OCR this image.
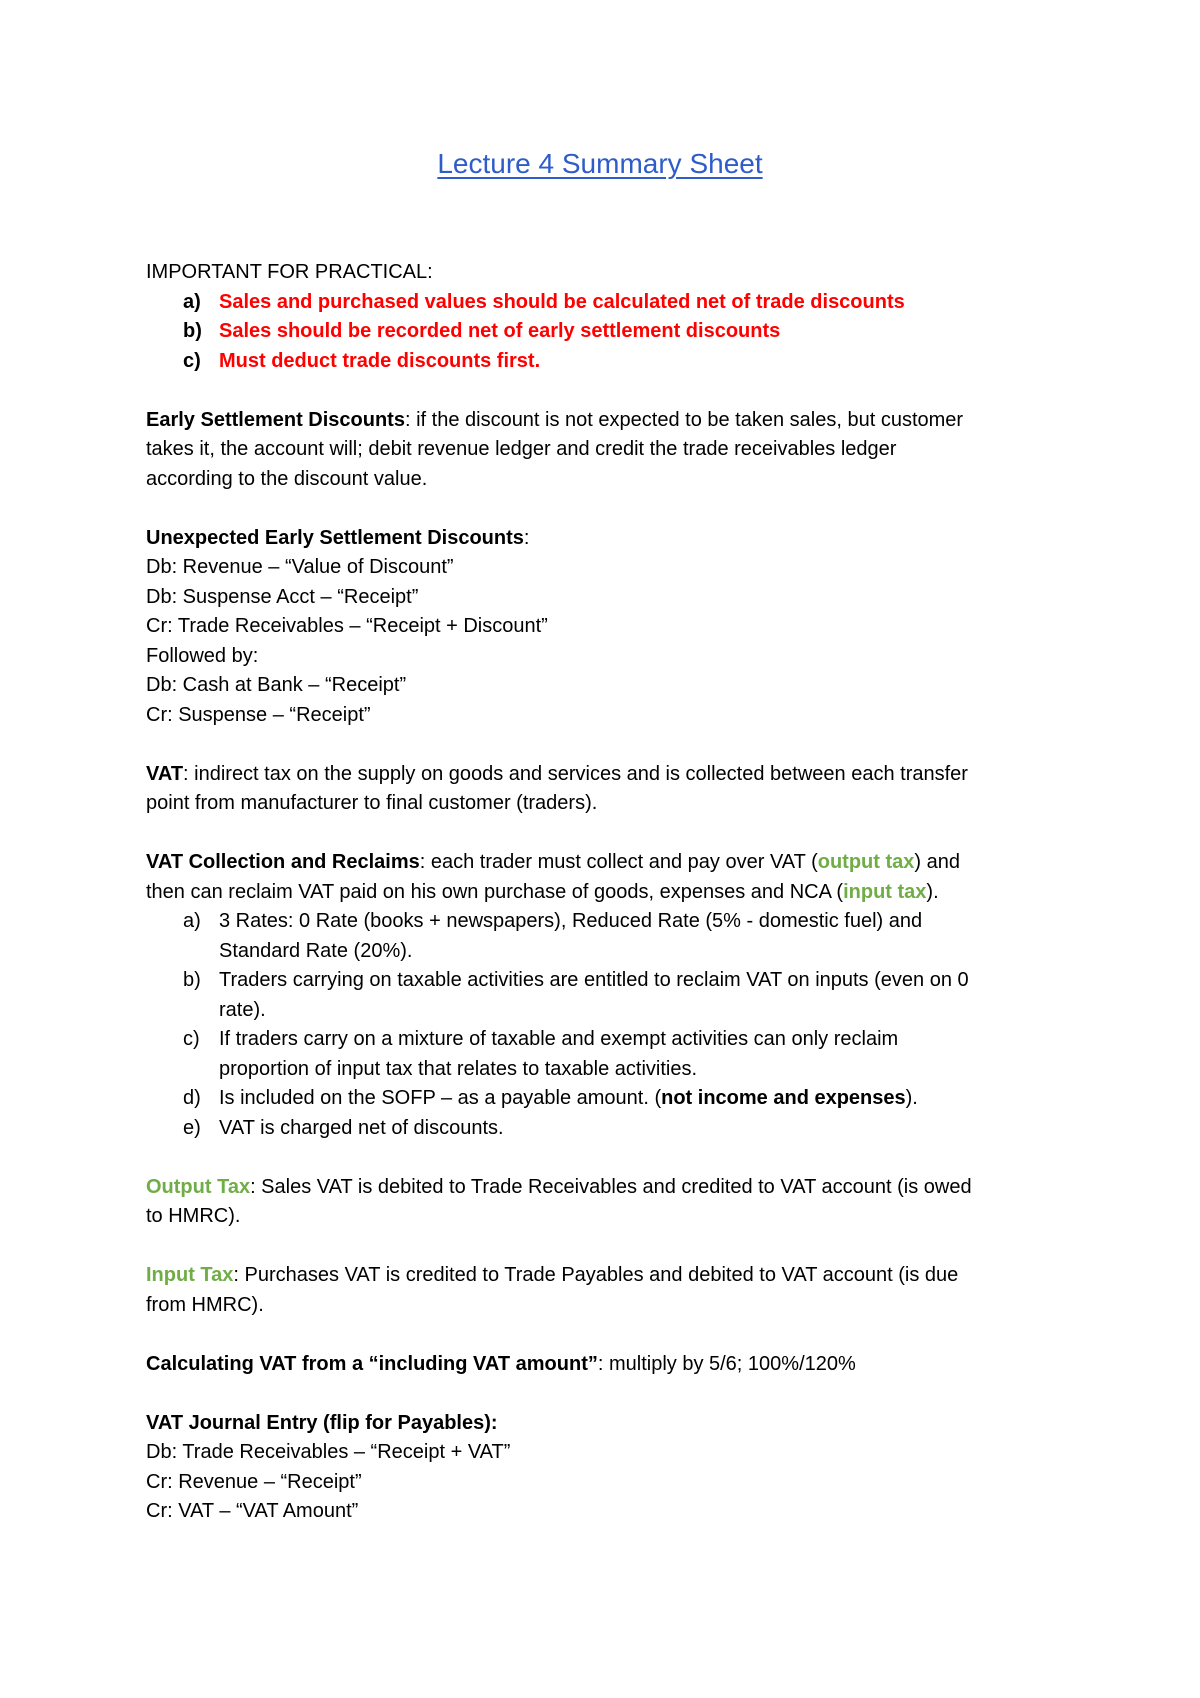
Lecture 4 Summary Sheet
IMPORTANT FOR PRACTICAL:
a) Sales and purchased values should be calculated net of trade discounts
b) Sales should be recorded net of early settlement discounts
c) Must deduct trade discounts first.
Early Settlement Discounts: if the discount is not expected to be taken sales, but customer
takes it, the account will; debit revenue ledger and credit the trade receivables ledger
according to the discount value.
Unexpected Early Settlement Discounts:
Db: Revenue – “Value of Discount”
Db: Suspense Acct – “Receipt”
Cr: Trade Receivables – “Receipt + Discount”
Followed by:
Db: Cash at Bank – “Receipt”
Cr: Suspense – “Receipt”
VAT: indirect tax on the supply on goods and services and is collected between each transfer
point from manufacturer to final customer (traders).
VAT Collection and Reclaims: each trader must collect and pay over VAT (output tax) and
then can reclaim VAT paid on his own purchase of goods, expenses and NCA (input tax).
a) 3 Rates: 0 Rate (books + newspapers), Reduced Rate (5% - domestic fuel) and
Standard Rate (20%).
b) Traders carrying on taxable activities are entitled to reclaim VAT on inputs (even on 0
rate).
c) If traders carry on a mixture of taxable and exempt activities can only reclaim
proportion of input tax that relates to taxable activities.
d) Is included on the SOFP – as a payable amount. (not income and expenses).
e) VAT is charged net of discounts.
Output Tax: Sales VAT is debited to Trade Receivables and credited to VAT account (is owed
to HMRC).
Input Tax: Purchases VAT is credited to Trade Payables and debited to VAT account (is due
from HMRC).
Calculating VAT from a “including VAT amount”: multiply by 5/6; 100%/120%
VAT Journal Entry (flip for Payables):
Db: Trade Receivables – “Receipt + VAT”
Cr: Revenue – “Receipt”
Cr: VAT – “VAT Amount”
